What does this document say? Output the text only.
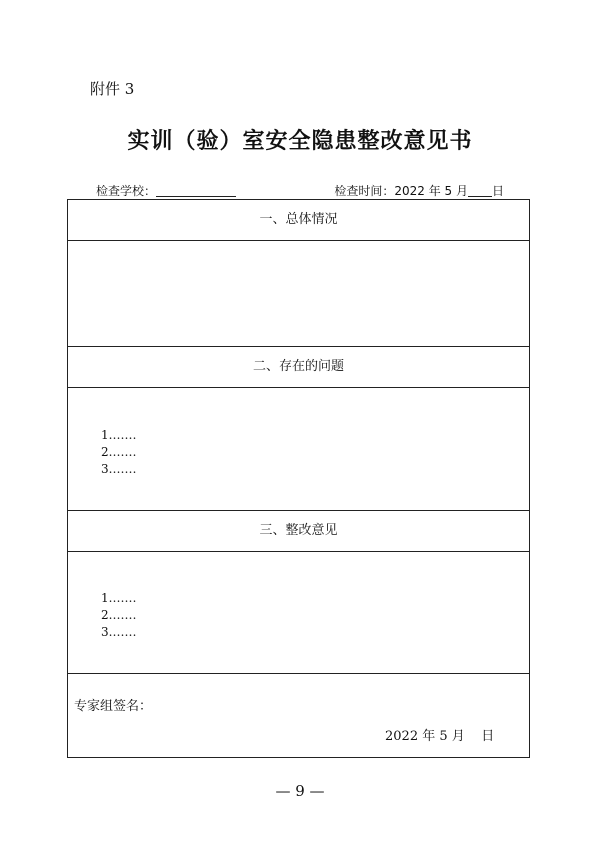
附件 3
实训（验）室安全隐患整改意见书
检查学校：	检查时间：2022 年 5 月 日
一、总体情况
二、存在的问题
1.……
2.……
3.……
三、整改意见
1.……
2.……
3.……
专家组签名：
2022 年 5 月    日
— 9 —
